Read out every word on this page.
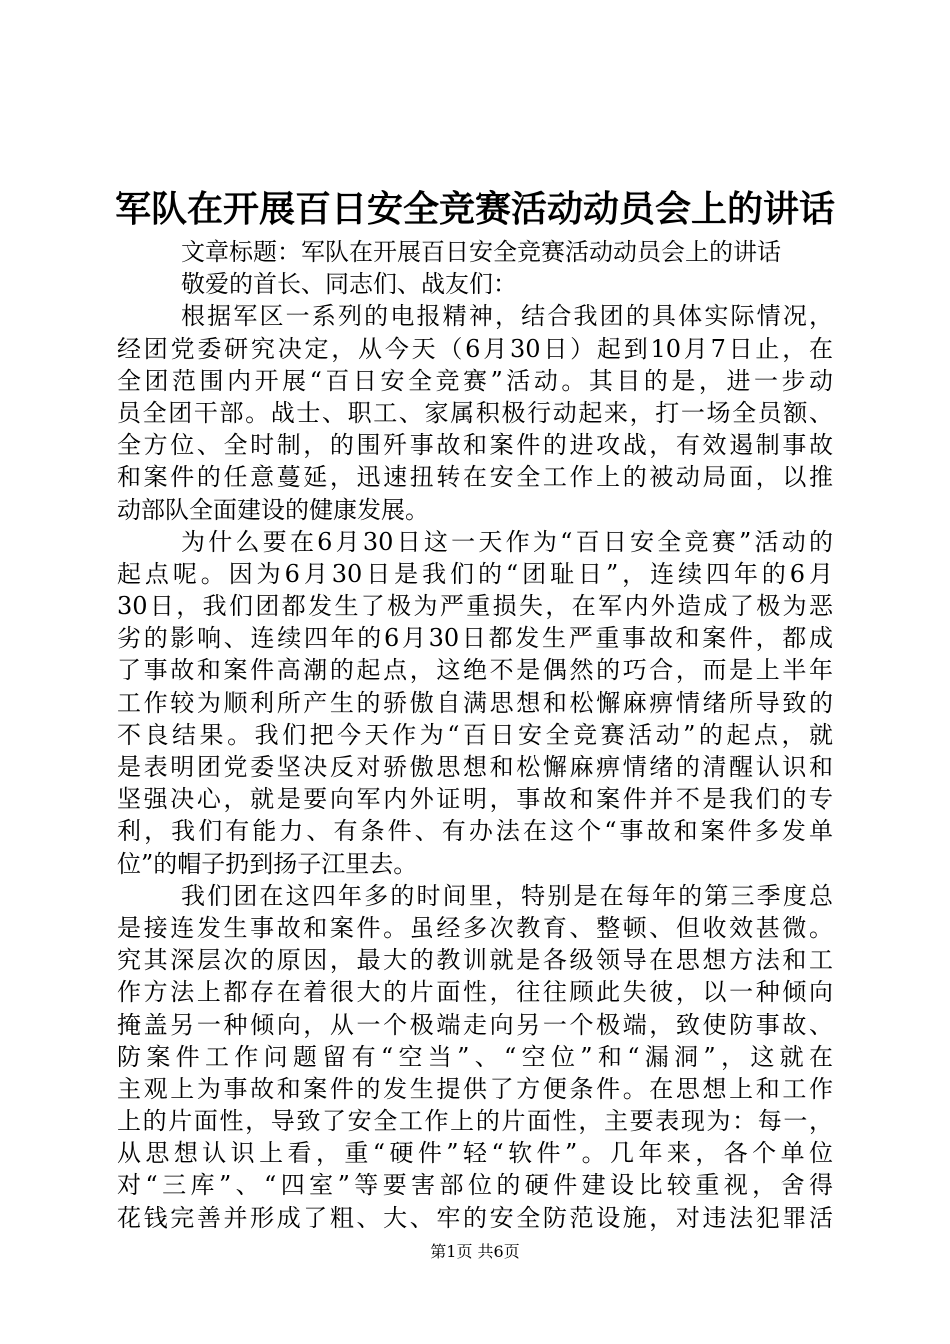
军队在开展百日安全竞赛活动动员会上的讲话
文章标题：军队在开展百日安全竞赛活动动员会上的讲话
敬爱的首长、同志们、战友们：
根据军区一系列的电报精神，结合我团的具体实际情况，
经团党委研究决定，从今天（6月30日）起到10月7日止，在
全团范围内开展“百日安全竞赛”活动。其目的是，进一步动
员全团干部。战士、职工、家属积极行动起来，打一场全员额、
全方位、全时制，的围歼事故和案件的进攻战，有效遏制事故
和案件的任意蔓延，迅速扭转在安全工作上的被动局面，以推
动部队全面建设的健康发展。
为什么要在6月30日这一天作为“百日安全竞赛”活动的
起点呢。因为6月30日是我们的“团耻日”，连续四年的6月
30日，我们团都发生了极为严重损失，在军内外造成了极为恶
劣的影响、连续四年的6月30日都发生严重事故和案件，都成
了事故和案件高潮的起点，这绝不是偶然的巧合，而是上半年
工作较为顺利所产生的骄傲自满思想和松懈麻痹情绪所导致的
不良结果。我们把今天作为“百日安全竞赛活动”的起点，就
是表明团党委坚决反对骄傲思想和松懈麻痹情绪的清醒认识和
坚强决心，就是要向军内外证明，事故和案件并不是我们的专
利，我们有能力、有条件、有办法在这个“事故和案件多发单
位”的帽子扔到扬子江里去。
我们团在这四年多的时间里，特别是在每年的第三季度总
是接连发生事故和案件。虽经多次教育、整顿、但收效甚微。
究其深层次的原因，最大的教训就是各级领导在思想方法和工
作方法上都存在着很大的片面性，往往顾此失彼，以一种倾向
掩盖另一种倾向，从一个极端走向另一个极端，致使防事故、
防案件工作问题留有“空当”、“空位”和“漏洞”，这就在
主观上为事故和案件的发生提供了方便条件。在思想上和工作
上的片面性，导致了安全工作上的片面性，主要表现为：每一，
从思想认识上看，重“硬件”轻“软件”。几年来，各个单位
对“三库”、“四室”等要害部位的硬件建设比较重视，舍得
花钱完善并形成了粗、大、牢的安全防范设施，对违法犯罪活
第1页 共6页
